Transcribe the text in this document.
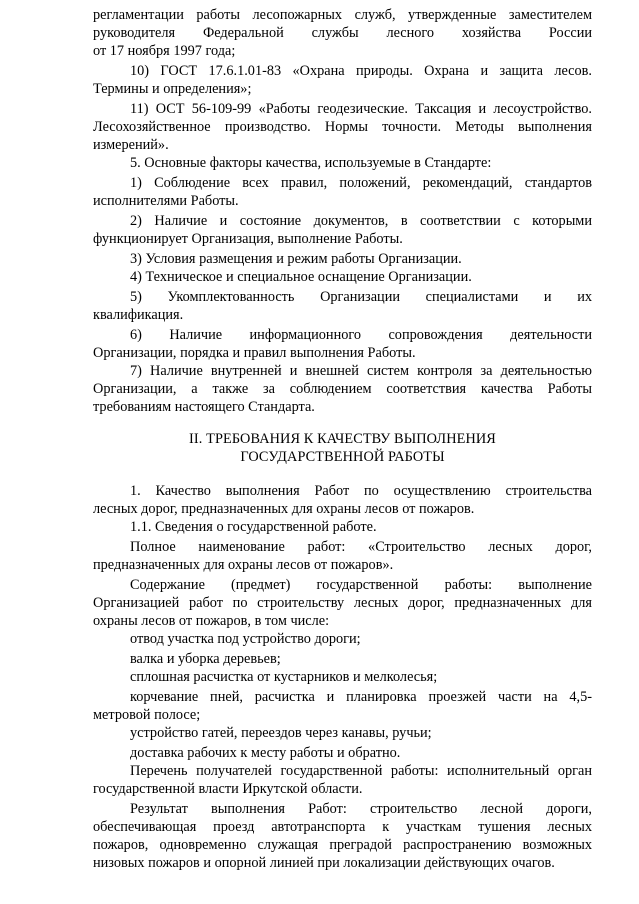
регламентации работы лесопожарных служб, утвержденные заместителем
руководителя Федеральной службы лесного хозяйства России
от 17 ноября 1997 года;
10) ГОСТ 17.6.1.01-83 «Охрана природы. Охрана и защита лесов.
Термины и определения»;
11) ОСТ 56-109-99 «Работы геодезические. Таксация и лесоустройство.
Лесохозяйственное производство. Нормы точности. Методы выполнения
измерений».
5. Основные факторы качества, используемые в Стандарте:
1) Соблюдение всех правил, положений, рекомендаций, стандартов
исполнителями Работы.
2) Наличие и состояние документов, в соответствии с которыми
функционирует Организация, выполнение Работы.
3) Условия размещения и режим работы Организации.
4) Техническое и специальное оснащение Организации.
5) Укомплектованность Организации специалистами и их
квалификация.
6) Наличие информационного сопровождения деятельности
Организации, порядка и правил выполнения Работы.
7) Наличие внутренней и внешней систем контроля за деятельностью
Организации, а также за соблюдением соответствия качества Работы
требованиям настоящего Стандарта.
II. ТРЕБОВАНИЯ К КАЧЕСТВУ ВЫПОЛНЕНИЯ
ГОСУДАРСТВЕННОЙ РАБОТЫ
1. Качество выполнения Работ по осуществлению строительства
лесных дорог, предназначенных для охраны лесов от пожаров.
1.1. Сведения о государственной работе.
Полное наименование работ: «Строительство лесных дорог,
предназначенных для охраны лесов от пожаров».
Содержание (предмет) государственной работы: выполнение
Организацией работ по строительству лесных дорог, предназначенных для
охраны лесов от пожаров, в том числе:
отвод участка под устройство дороги;
валка и уборка деревьев;
сплошная расчистка от кустарников и мелколесья;
корчевание пней, расчистка и планировка проезжей части на 4,5-
метровой полосе;
устройство гатей, переездов через канавы, ручьи;
доставка рабочих к месту работы и обратно.
Перечень получателей государственной работы: исполнительный орган
государственной власти Иркутской области.
Результат выполнения Работ: строительство лесной дороги,
обеспечивающая проезд автотранспорта к участкам тушения лесных
пожаров, одновременно служащая преградой распространению возможных
низовых пожаров и опорной линией при локализации действующих очагов.
